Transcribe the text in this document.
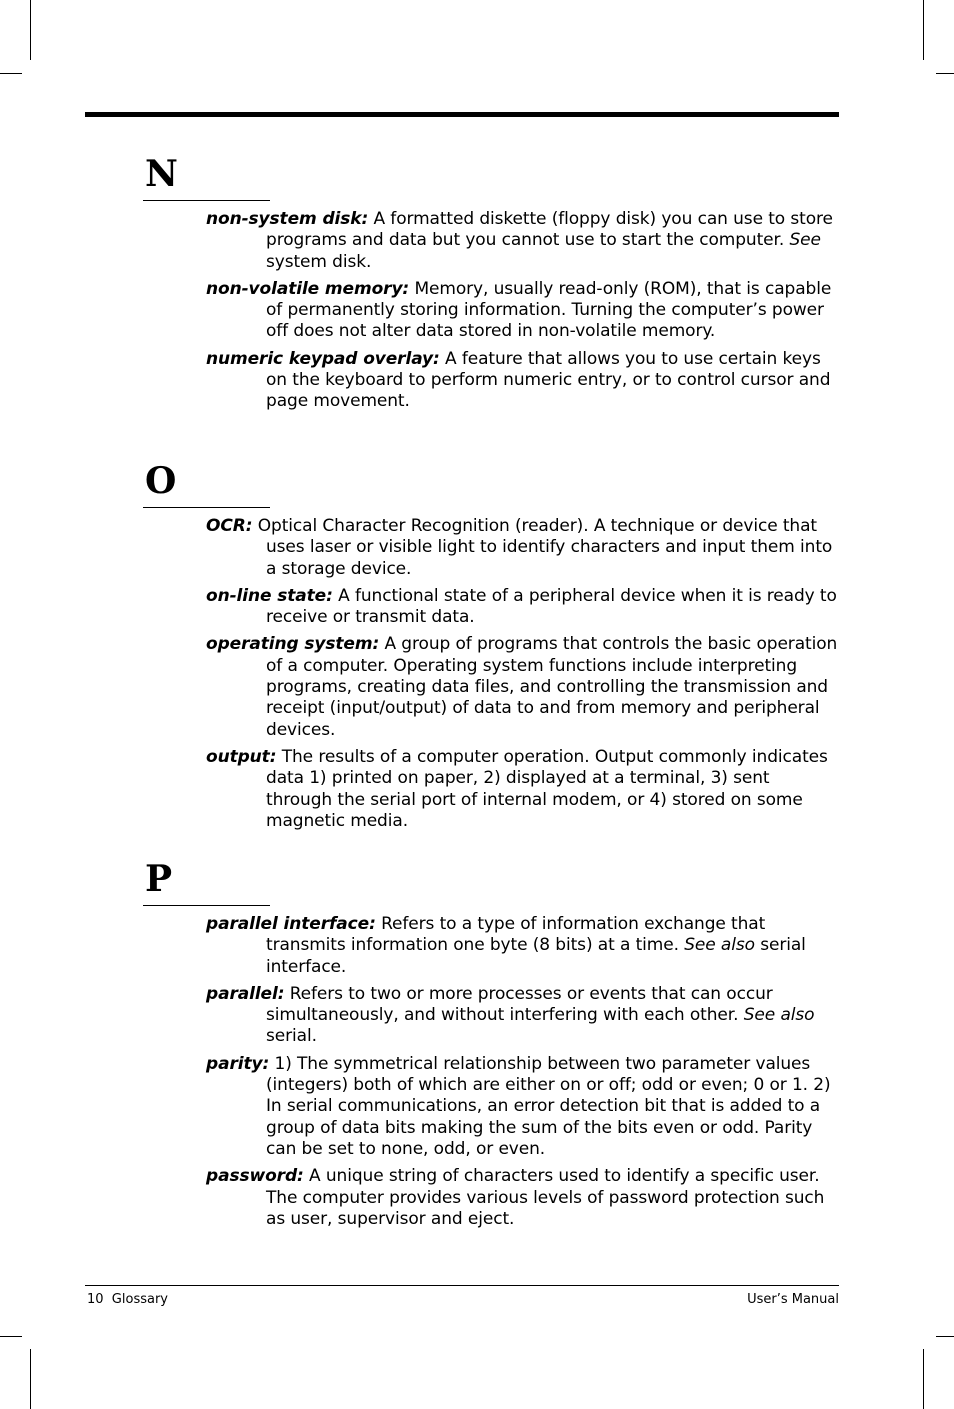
N

non-system disk: A formatted diskette (floppy disk) you can use to store programs and data but you cannot use to start the computer. See system disk.

non-volatile memory: Memory, usually read-only (ROM), that is capable of permanently storing information. Turning the computer’s power off does not alter data stored in non-volatile memory.

numeric keypad overlay: A feature that allows you to use certain keys on the keyboard to perform numeric entry, or to control cursor and page movement.

O

OCR: Optical Character Recognition (reader). A technique or device that uses laser or visible light to identify characters and input them into a storage device.

on-line state: A functional state of a peripheral device when it is ready to receive or transmit data.

operating system: A group of programs that controls the basic operation of a computer. Operating system functions include interpreting programs, creating data files, and controlling the transmission and receipt (input/output) of data to and from memory and peripheral devices.

output: The results of a computer operation. Output commonly indicates data 1) printed on paper, 2) displayed at a terminal, 3) sent through the serial port of internal modem, or 4) stored on some magnetic media.

P

parallel interface: Refers to a type of information exchange that transmits information one byte (8 bits) at a time. See also serial interface.

parallel: Refers to two or more processes or events that can occur simultaneously, and without interfering with each other. See also serial.

parity: 1) The symmetrical relationship between two parameter values (integers) both of which are either on or off; odd or even; 0 or 1. 2) In serial communications, an error detection bit that is added to a group of data bits making the sum of the bits even or odd. Parity can be set to none, odd, or even.

password: A unique string of characters used to identify a specific user. The computer provides various levels of password protection such as user, supervisor and eject.

10  Glossary	User’s Manual
